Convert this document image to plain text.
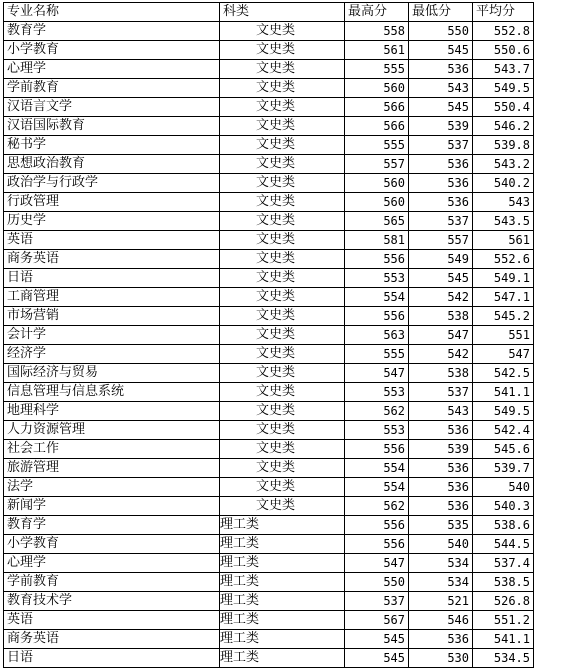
专业名称	科类	最高分	最低分	平均分
教育学	文史类	558	550	552.8
小学教育	文史类	561	545	550.6
心理学	文史类	555	536	543.7
学前教育	文史类	560	543	549.5
汉语言文学	文史类	566	545	550.4
汉语国际教育	文史类	566	539	546.2
秘书学	文史类	555	537	539.8
思想政治教育	文史类	557	536	543.2
政治学与行政学	文史类	560	536	540.2
行政管理	文史类	560	536	543
历史学	文史类	565	537	543.5
英语	文史类	581	557	561
商务英语	文史类	556	549	552.6
日语	文史类	553	545	549.1
工商管理	文史类	554	542	547.1
市场营销	文史类	556	538	545.2
会计学	文史类	563	547	551
经济学	文史类	555	542	547
国际经济与贸易	文史类	547	538	542.5
信息管理与信息系统	文史类	553	537	541.1
地理科学	文史类	562	543	549.5
人力资源管理	文史类	553	536	542.4
社会工作	文史类	556	539	545.6
旅游管理	文史类	554	536	539.7
法学	文史类	554	536	540
新闻学	文史类	562	536	540.3
教育学	理工类	556	535	538.6
小学教育	理工类	556	540	544.5
心理学	理工类	547	534	537.4
学前教育	理工类	550	534	538.5
教育技术学	理工类	537	521	526.8
英语	理工类	567	546	551.2
商务英语	理工类	545	536	541.1
日语	理工类	545	530	534.5
